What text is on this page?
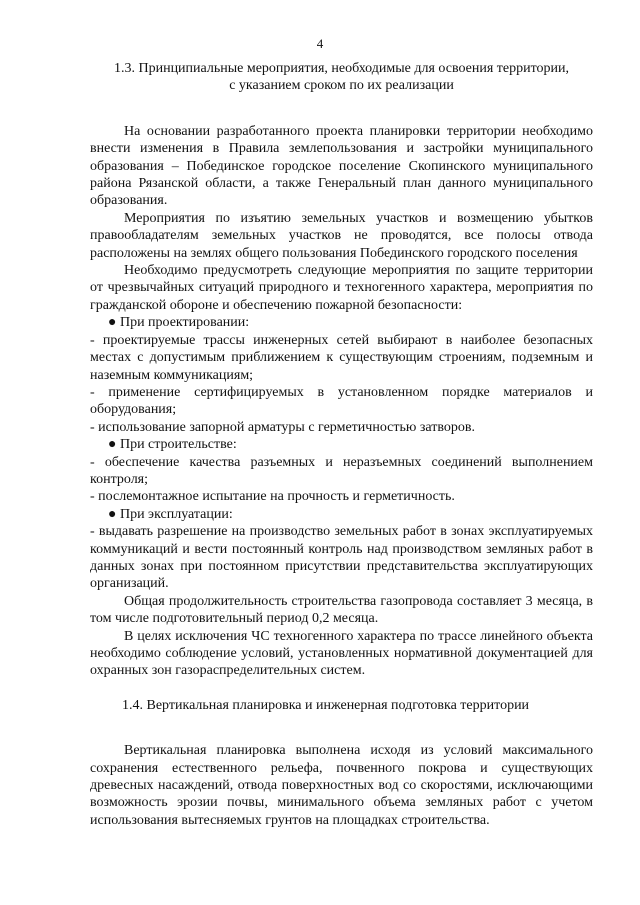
4
1.3. Принципиальные мероприятия, необходимые для освоения территории,
с указанием сроком по их реализации

На основании разработанного проекта планировки территории необходимо внести изменения в Правила землепользования и застройки муниципального образования – Побединское городское поселение Скопинского муниципального района Рязанской области, а также Генеральный план данного муниципального образования.

Мероприятия по изъятию земельных участков и возмещению убытков правообладателям земельных участков не проводятся, все полосы отвода расположены на землях общего пользования Побединского городского поселения

Необходимо предусмотреть следующие мероприятия по защите территории от чрезвычайных ситуаций природного и техногенного характера, мероприятия по гражданской обороне и обеспечению пожарной безопасности:

● При проектировании:

- проектируемые трассы инженерных сетей выбирают в наиболее безопасных местах с допустимым приближением к существующим строениям, подземным и наземным коммуникациям;

- применение сертифицируемых в установленном порядке материалов и оборудования;

- использование запорной арматуры с герметичностью затворов.

● При строительстве:

- обеспечение качества разъемных и неразъемных соединений выполнением контроля;

- послемонтажное испытание на прочность и герметичность.

● При эксплуатации:

- выдавать разрешение на производство земельных работ в зонах эксплуатируемых коммуникаций и вести постоянный контроль над производством земляных работ в данных зонах при постоянном присутствии представительства эксплуатирующих организаций.

Общая продолжительность строительства газопровода составляет 3 месяца, в том числе подготовительный период 0,2 месяца.

В целях исключения ЧС техногенного характера по трассе линейного объекта необходимо соблюдение условий, установленных нормативной документацией для охранных зон газораспределительных систем.

1.4. Вертикальная планировка и инженерная подготовка территории

Вертикальная планировка выполнена исходя из условий максимального сохранения естественного рельефа, почвенного покрова и существующих древесных насаждений, отвода поверхностных вод со скоростями, исключающими возможность эрозии почвы, минимального объема земляных работ с учетом использования вытесняемых грунтов на площадках строительства.
